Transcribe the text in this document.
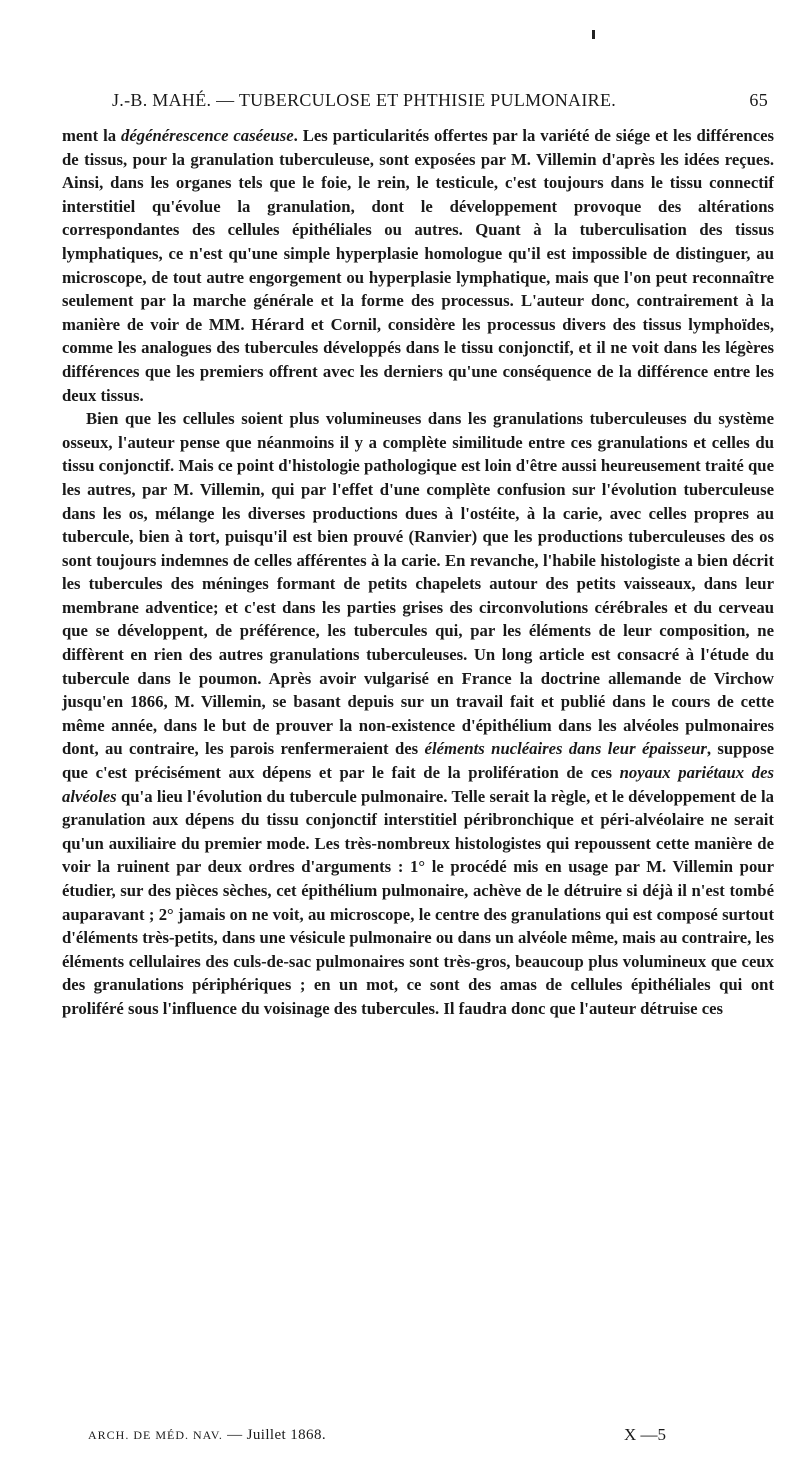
J.-B. MAHÉ. — TUBERCULOSE ET PHTHISIE PULMONAIRE.	65

ment la dégénérescence caséeuse. Les particularités offertes par la variété de siége et les différences de tissus, pour la granulation tuberculeuse, sont exposées par M. Villemin d'après les idées reçues. Ainsi, dans les organes tels que le foie, le rein, le testicule, c'est toujours dans le tissu connectif interstitiel qu'évolue la granulation, dont le développement provoque des altérations correspondantes des cellules épithéliales ou autres. Quant à la tuberculisation des tissus lymphatiques, ce n'est qu'une simple hyperplasie homologue qu'il est impossible de distinguer, au microscope, de tout autre engorgement ou hyperplasie lymphatique, mais que l'on peut reconnaître seulement par la marche générale et la forme des processus. L'auteur donc, contrairement à la manière de voir de MM. Hérard et Cornil, considère les processus divers des tissus lymphoïdes, comme les analogues des tubercules développés dans le tissu conjonctif, et il ne voit dans les légères différences que les premiers offrent avec les derniers qu'une conséquence de la différence entre les deux tissus.

Bien que les cellules soient plus volumineuses dans les granulations tuberculeuses du système osseux, l'auteur pense que néanmoins il y a complète similitude entre ces granulations et celles du tissu conjonctif. Mais ce point d'histologie pathologique est loin d'être aussi heureusement traité que les autres, par M. Villemin, qui par l'effet d'une complète confusion sur l'évolution tuberculeuse dans les os, mélange les diverses productions dues à l'ostéite, à la carie, avec celles propres au tubercule, bien à tort, puisqu'il est bien prouvé (Ranvier) que les productions tuberculeuses des os sont toujours indemnes de celles afférentes à la carie. En revanche, l'habile histologiste a bien décrit les tubercules des méninges formant de petits chapelets autour des petits vaisseaux, dans leur membrane adventice; et c'est dans les parties grises des circonvolutions cérébrales et du cerveau que se développent, de préférence, les tubercules qui, par les éléments de leur composition, ne diffèrent en rien des autres granulations tuberculeuses. Un long article est consacré à l'étude du tubercule dans le poumon. Après avoir vulgarisé en France la doctrine allemande de Virchow jusqu'en 1866, M. Villemin, se basant depuis sur un travail fait et publié dans le cours de cette même année, dans le but de prouver la non-existence d'épithélium dans les alvéoles pulmonaires dont, au contraire, les parois renfermeraient des éléments nucléaires dans leur épaisseur, suppose que c'est précisément aux dépens et par le fait de la prolifération de ces noyaux pariétaux des alvéoles qu'a lieu l'évolution du tubercule pulmonaire. Telle serait la règle, et le développement de la granulation aux dépens du tissu conjonctif interstitiel péribronchique et péri-alvéolaire ne serait qu'un auxiliaire du premier mode. Les très-nombreux histologistes qui repoussent cette manière de voir la ruinent par deux ordres d'arguments : 1° le procédé mis en usage par M. Villemin pour étudier, sur des pièces sèches, cet épithélium pulmonaire, achève de le détruire si déjà il n'est tombé auparavant ; 2° jamais on ne voit, au microscope, le centre des granulations qui est composé surtout d'éléments très-petits, dans une vésicule pulmonaire ou dans un alvéole même, mais au contraire, les éléments cellulaires des culs-de-sac pulmonaires sont très-gros, beaucoup plus volumineux que ceux des granulations périphériques ; en un mot, ce sont des amas de cellules épithéliales qui ont proliféré sous l'influence du voisinage des tubercules. Il faudra donc que l'auteur détruise ces

ARCH. DE MÉD. NAV. — Juillet 1868.	X —5
